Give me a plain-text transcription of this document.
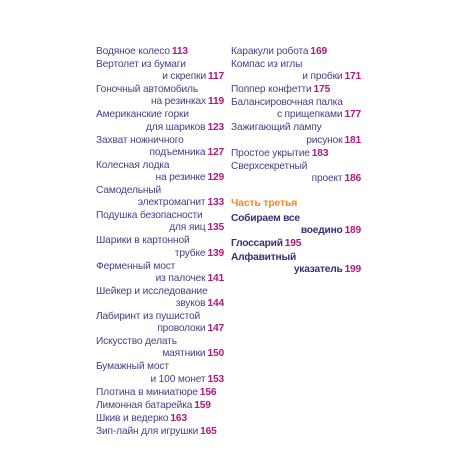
Водяное колесо 113
Вертолет из бумаги
и скрепки 117
Гоночный автомобиль
на резинках 119
Американские горки
для шариков 123
Захват ножничного
подъемника 127
Колесная лодка
на резинке 129
Самодельный
электромагнит 133
Подушка безопасности
для яиц 135
Шарики в картонной
трубке 139
Ферменный мост
из палочек 141
Шейкер и исследование
звуков 144
Лабиринт из пушистой
проволоки 147
Искусство делать
маятники 150
Бумажный мост
и 100 монет 153
Плотина в миниатюре 156
Лимонная батарейка 159
Шкив и ведерко 163
Зип-лайн для игрушки 165
Каракули робота 169
Компас из иглы
и пробки 171
Поппер конфетти 175
Балансировочная палка
с прищепками 177
Зажигающий лампу
рисунок 181
Простое укрытие 183
Сверхсекретный
проект 186
Часть третья
Собираем все
воедино 189
Глоссарий 195
Алфавитный
указатель 199
